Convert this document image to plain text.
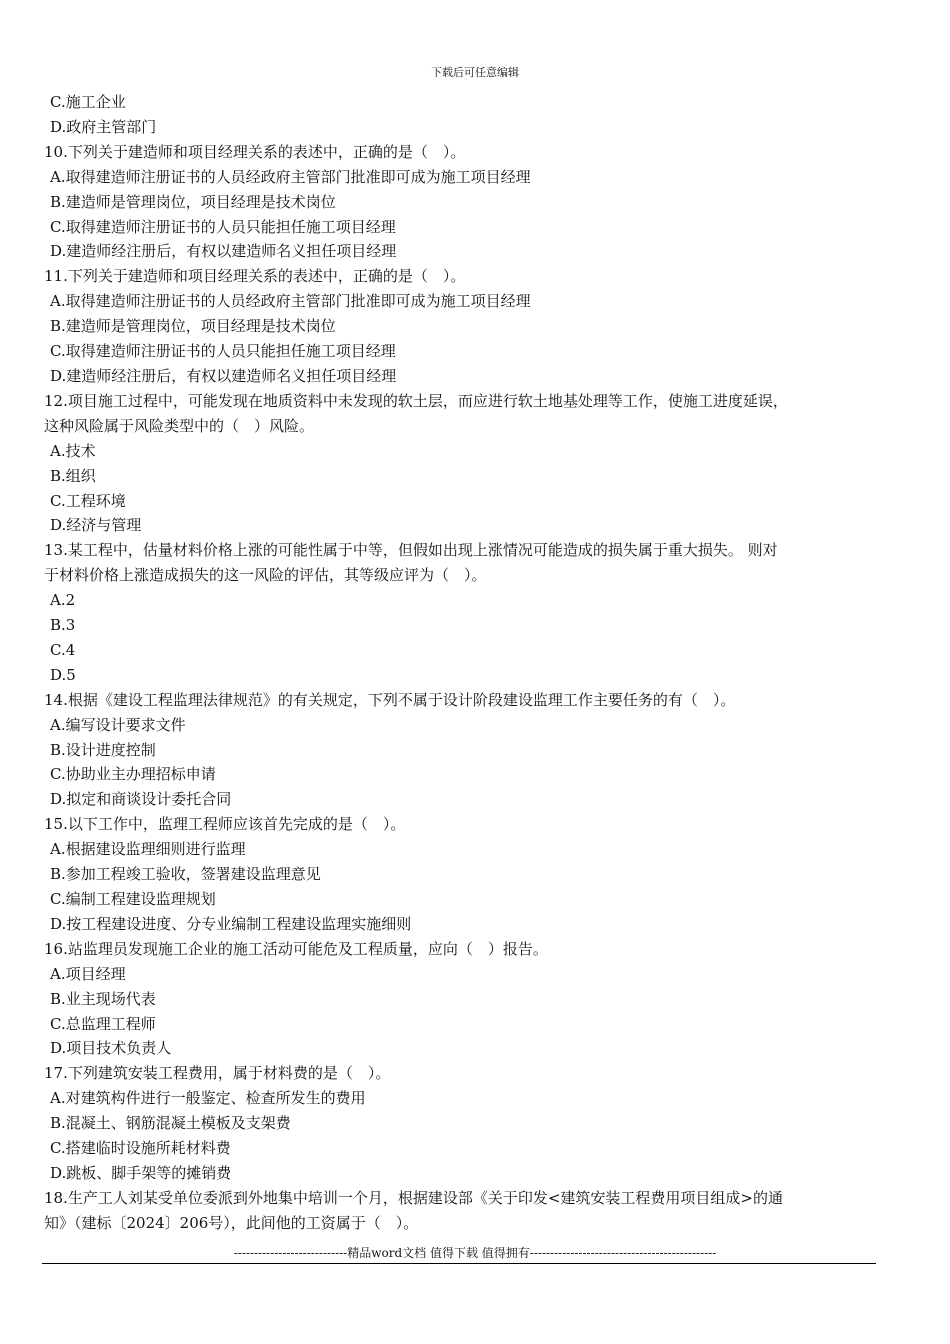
下载后可任意编辑
C.施工企业
D.政府主管部门
10.下列关于建造师和项目经理关系的表述中，正确的是（　）。
A.取得建造师注册证书的人员经政府主管部门批准即可成为施工项目经理
B.建造师是管理岗位，项目经理是技术岗位
C.取得建造师注册证书的人员只能担任施工项目经理
D.建造师经注册后，有权以建造师名义担任项目经理
11.下列关于建造师和项目经理关系的表述中，正确的是（　）。
A.取得建造师注册证书的人员经政府主管部门批准即可成为施工项目经理
B.建造师是管理岗位，项目经理是技术岗位
C.取得建造师注册证书的人员只能担任施工项目经理
D.建造师经注册后，有权以建造师名义担任项目经理
12.项目施工过程中，可能发现在地质资料中未发现的软土层，而应进行软土地基处理等工作，使施工进度延误，
这种风险属于风险类型中的（　）风险。
A.技术
B.组织
C.工程环境
D.经济与管理
13.某工程中，估量材料价格上涨的可能性属于中等，但假如出现上涨情况可能造成的损失属于重大损失。 则对
于材料价格上涨造成损失的这一风险的评估，其等级应评为（　）。
A.2
B.3
C.4
D.5
14.根据《建设工程监理法律规范》的有关规定，下列不属于设计阶段建设监理工作主要任务的有（　）。
A.编写设计要求文件
B.设计进度控制
C.协助业主办理招标申请
D.拟定和商谈设计委托合同
15.以下工作中，监理工程师应该首先完成的是（　）。
A.根据建设监理细则进行监理
B.参加工程竣工验收，签署建设监理意见
C.编制工程建设监理规划
D.按工程建设进度、分专业编制工程建设监理实施细则
16.站监理员发现施工企业的施工活动可能危及工程质量，应向（　）报告。
A.项目经理
B.业主现场代表
C.总监理工程师
D.项目技术负责人
17.下列建筑安装工程费用，属于材料费的是（　）。
A.对建筑构件进行一般鉴定、检查所发生的费用
B.混凝土、钢筋混凝土模板及支架费
C.搭建临时设施所耗材料费
D.跳板、脚手架等的摊销费
18.生产工人刘某受单位委派到外地集中培训一个月，根据建设部《关于印发<建筑安装工程费用项目组成>的通
知》（建标〔2024〕206号），此间他的工资属于（　）。
----------------------------精品word文档 值得下载 值得拥有----------------------------------------------
